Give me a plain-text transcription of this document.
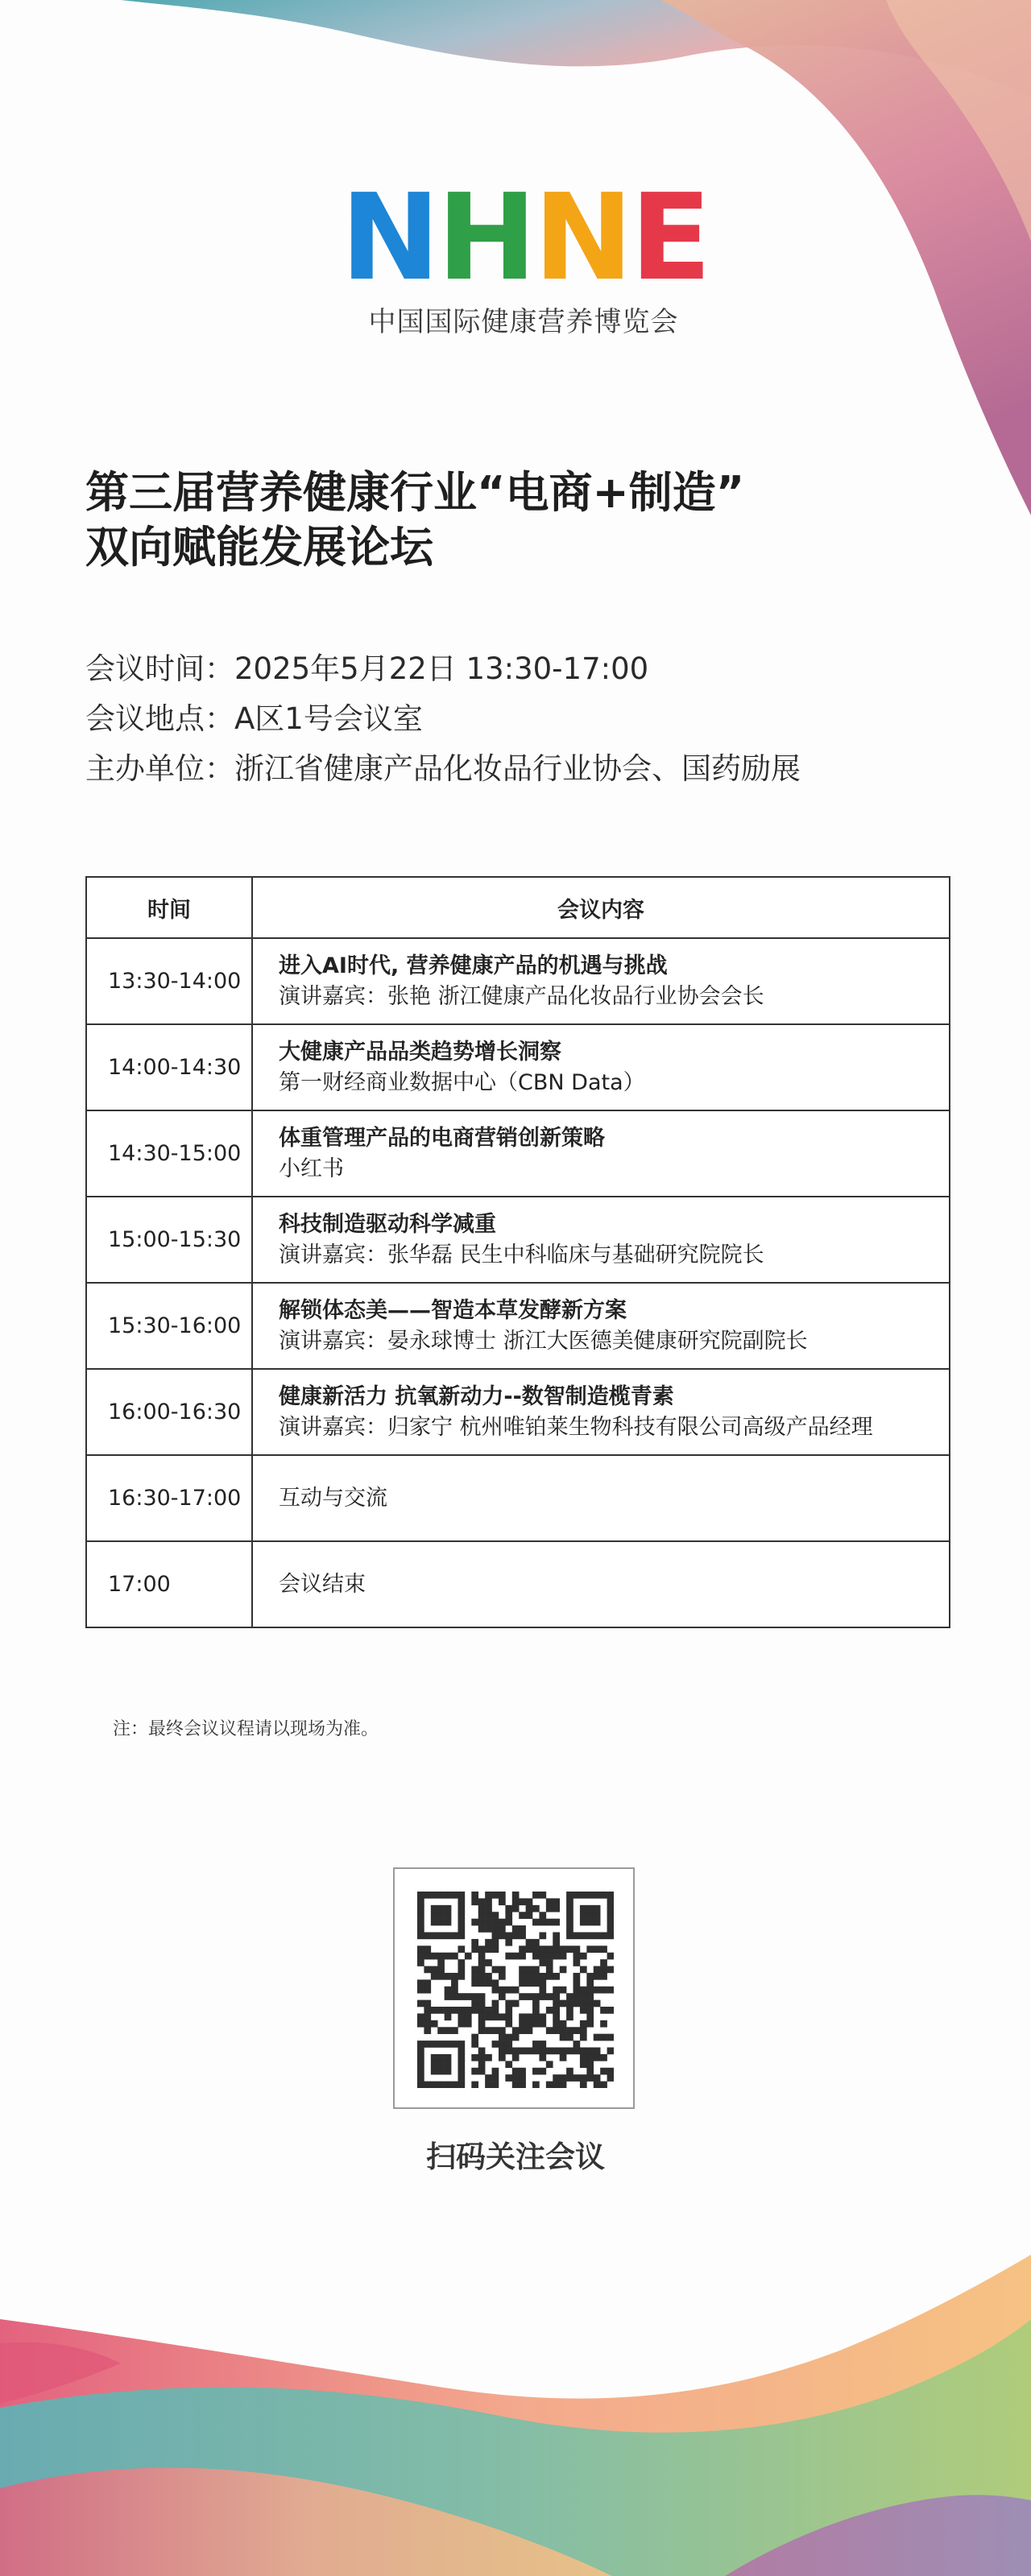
N H N E
中国国际健康营养博览会
第三届营养健康行业“电商+制造”
双向赋能发展论坛
会议时间：2025年5月22日 13:30-17:00
会议地点：A区1号会议室
主办单位：浙江省健康产品化妆品行业协会、国药励展
时间	会议内容
13:30-14:00	进入AI时代, 营养健康产品的机遇与挑战
演讲嘉宾：张艳 浙江健康产品化妆品行业协会会长

14:00-14:30	大健康产品品类趋势增长洞察
第一财经商业数据中心（CBN Data）

14:30-15:00	体重管理产品的电商营销创新策略
小红书

15:00-15:30	科技制造驱动科学减重
演讲嘉宾：张华磊 民生中科临床与基础研究院院长

15:30-16:00	解锁体态美——智造本草发酵新方案
演讲嘉宾：晏永球博士 浙江大医德美健康研究院副院长

16:00-16:30	健康新活力 抗氧新动力--数智制造榄青素
演讲嘉宾：归家宁 杭州唯铂莱生物科技有限公司高级产品经理

16:30-17:00	互动与交流

17:00	会议结束
注：最终会议议程请以现场为准。
扫码关注会议
